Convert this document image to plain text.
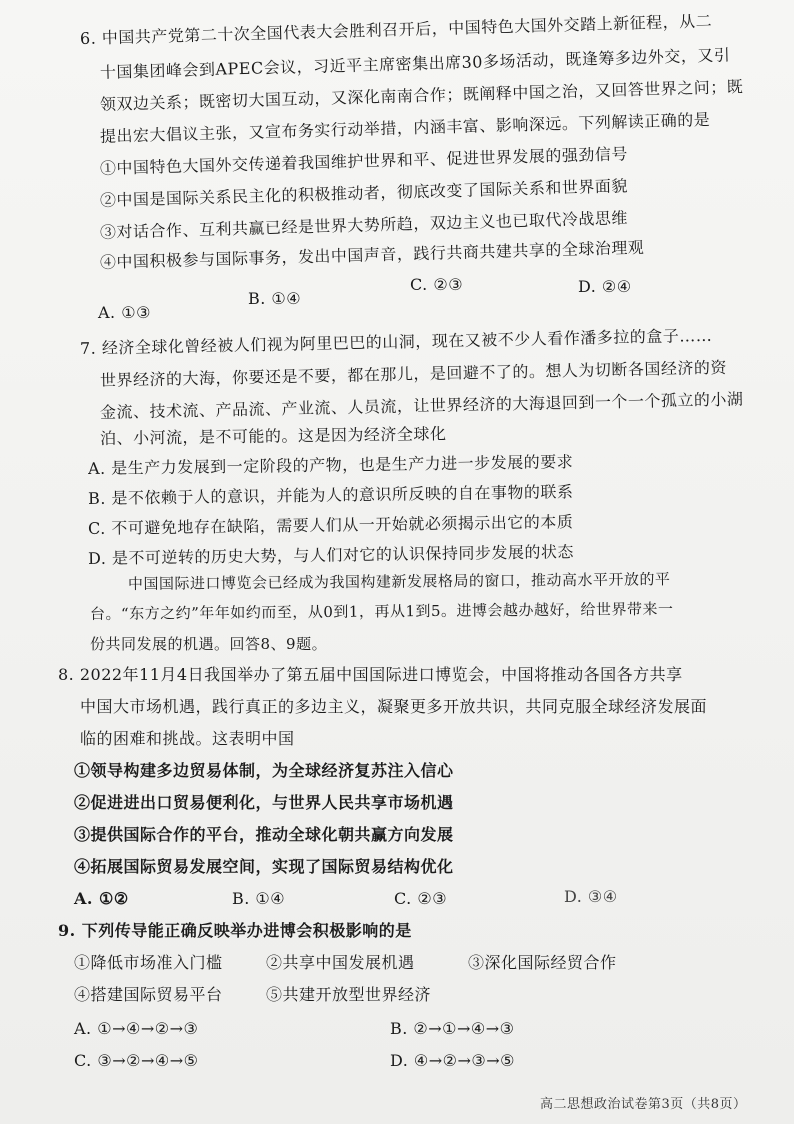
6. 中国共产党第二十次全国代表大会胜利召开后，中国特色大国外交踏上新征程，从二
十国集团峰会到APEC会议，习近平主席密集出席30多场活动，既逢筹多边外交，又引
领双边关系；既密切大国互动，又深化南南合作；既阐释中国之治，又回答世界之问；既
提出宏大倡议主张，又宣布务实行动举措，内涵丰富、影响深远。下列解读正确的是
①中国特色大国外交传递着我国维护世界和平、促进世界发展的强劲信号
②中国是国际关系民主化的积极推动者，彻底改变了国际关系和世界面貌
③对话合作、互利共赢已经是世界大势所趋，双边主义也已取代冷战思维
④中国积极参与国际事务，发出中国声音，践行共商共建共享的全球治理观
A. ①③
B. ①④
C. ②③	D. ②④
7. 经济全球化曾经被人们视为阿里巴巴的山洞，现在又被不少人看作潘多拉的盒子……
世界经济的大海，你要还是不要，都在那儿，是回避不了的。想人为切断各国经济的资
金流、技术流、产品流、产业流、人员流，让世界经济的大海退回到一个一个孤立的小湖
泊、小河流，是不可能的。这是因为经济全球化
A. 是生产力发展到一定阶段的产物，也是生产力进一步发展的要求
B. 是不依赖于人的意识，并能为人的意识所反映的自在事物的联系
C. 不可避免地存在缺陷，需要人们从一开始就必须揭示出它的本质
D. 是不可逆转的历史大势，与人们对它的认识保持同步发展的状态
中国国际进口博览会已经成为我国构建新发展格局的窗口，推动高水平开放的平
台。“东方之约”年年如约而至，从0到1，再从1到5。进博会越办越好，给世界带来一
份共同发展的机遇。回答8、9题。
8. 2022年11月4日我国举办了第五届中国国际进口博览会，中国将推动各国各方共享
中国大市场机遇，践行真正的多边主义，凝聚更多开放共识，共同克服全球经济发展面
临的困难和挑战。这表明中国
①领导构建多边贸易体制，为全球经济复苏注入信心
②促进进出口贸易便利化，与世界人民共享市场机遇
③提供国际合作的平台，推动全球化朝共赢方向发展
④拓展国际贸易发展空间，实现了国际贸易结构优化
A. ①②	B. ①④	C. ②③	D. ③④
9. 下列传导能正确反映举办进博会积极影响的是
①降低市场准入门槛	②共享中国发展机遇	③深化国际经贸合作
④搭建国际贸易平台	⑤共建开放型世界经济
A. ①→④→②→③	B. ②→①→④→③
C. ③→②→④→⑤	D. ④→②→③→⑤
高二思想政治试卷第3页（共8页）
